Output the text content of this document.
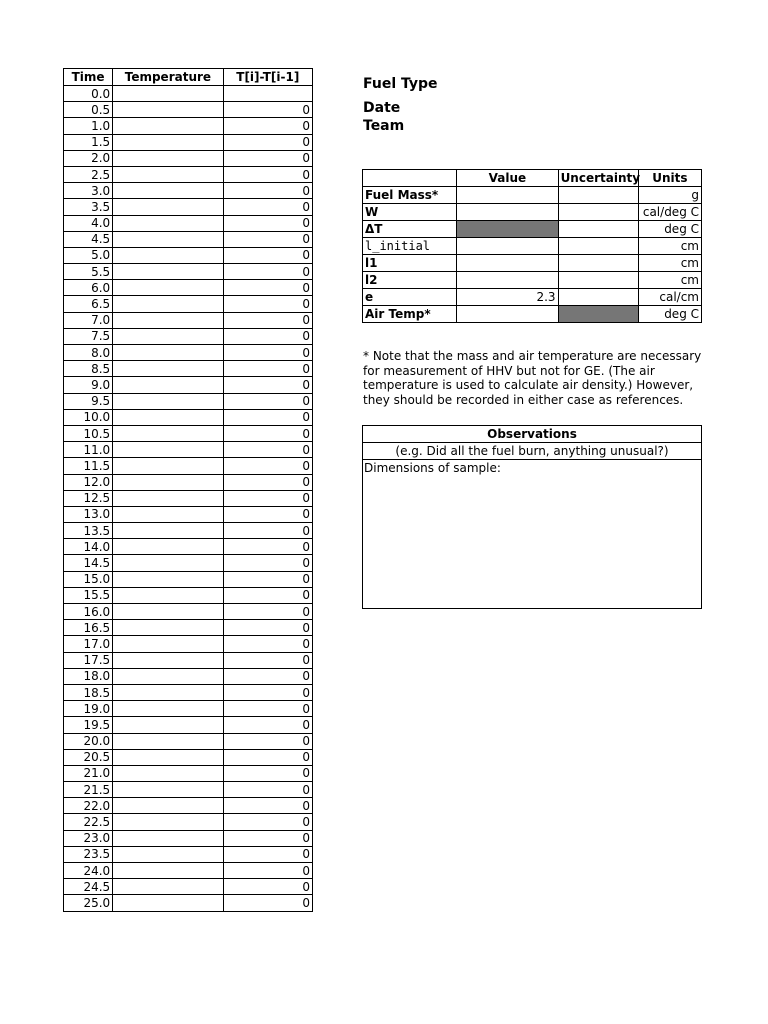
Time	Temperature	T[i]-T[i-1]
0.0		
0.5		0
1.0		0
1.5		0
2.0		0
2.5		0
3.0		0
3.5		0
4.0		0
4.5		0
5.0		0
5.5		0
6.0		0
6.5		0
7.0		0
7.5		0
8.0		0
8.5		0
9.0		0
9.5		0
10.0		0
10.5		0
11.0		0
11.5		0
12.0		0
12.5		0
13.0		0
13.5		0
14.0		0
14.5		0
15.0		0
15.5		0
16.0		0
16.5		0
17.0		0
17.5		0
18.0		0
18.5		0
19.0		0
19.5		0
20.0		0
20.5		0
21.0		0
21.5		0
22.0		0
22.5		0
23.0		0
23.5		0
24.0		0
24.5		0
25.0		0
Fuel Type
Date
Team
	Value	Uncertainty	Units
Fuel Mass*			g
W			cal/deg C
ΔT			deg C
l_initial			cm
l1			cm
l2			cm
e	2.3		cal/cm
Air Temp*			deg C
* Note that the mass and air temperature are necessary for measurement of HHV but not for GE. (The air temperature is used to calculate air density.) However, they should be recorded in either case as references.
Observations
(e.g. Did all the fuel burn, anything unusual?)
Dimensions of sample:
